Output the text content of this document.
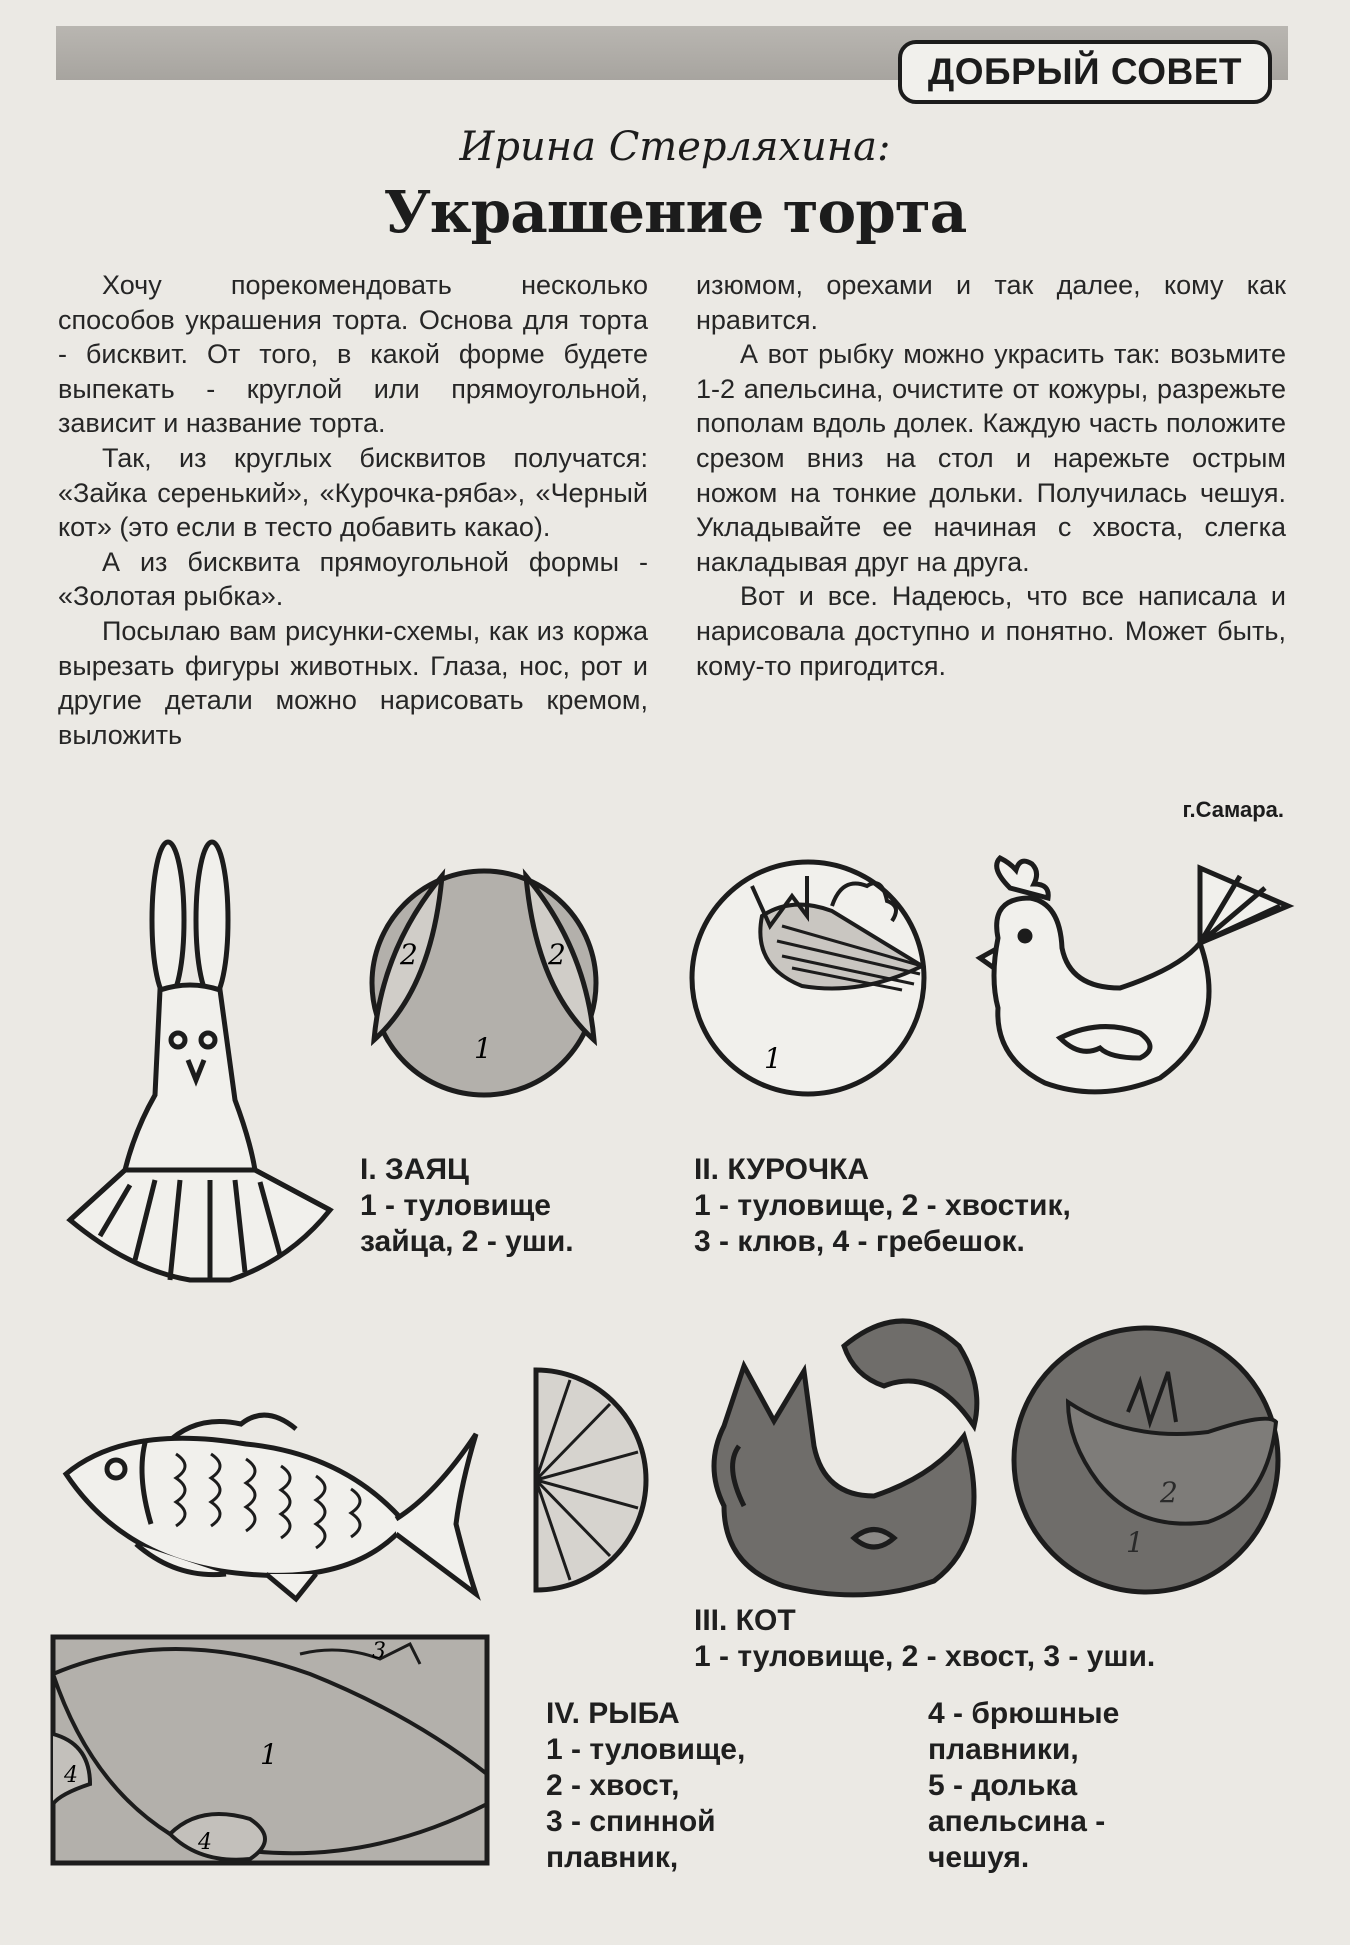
ДОБРЫЙ СОВЕТ
Ирина Стерляхина:
Украшение торта

Хочу порекомендовать несколько способов украшения торта. Основа для торта - бисквит. От того, в какой форме будете выпекать - круглой или прямоугольной, зависит и название торта.

Так, из круглых бисквитов получатся: «Зайка серенький», «Курочка-ряба», «Черный кот» (это если в тесто добавить какао).

А из бисквита прямоугольной формы - «Золотая рыбка».

Посылаю вам рисунки-схемы, как из коржа вырезать фигуры животных. Глаза, нос, рот и другие детали можно нарисовать кремом, выложить

изюмом, орехами и так далее, кому как нравится.

А вот рыбку можно украсить так: возьмите 1-2 апельсина, очистите от кожуры, разрежьте пополам вдоль долек. Каждую часть положите срезом вниз на стол и нарежьте острым ножом на тонкие дольки. Получилась чешуя. Укладывайте ее начиная с хвоста, слегка накладывая друг на друга.

Вот и все. Надеюсь, что все написала и нарисовала доступно и понятно. Может быть, кому-то пригодится.

г.Самара.
2	2
1	1
I. ЗАЯЦ
1 - туловище
зайца, 2 - уши.
II. КУРОЧКА
1 - туловище, 2 - хвостик,
3 - клюв, 4 - гребешок.
2
1
III. КОТ
1 - туловище, 2 - хвост, 3 - уши.
1
3
4
4
IV. РЫБА
1 - туловище,
2 - хвост,
3 - спинной
плавник,
4 - брюшные
плавники,
5 - долька
апельсина -
чешуя.
